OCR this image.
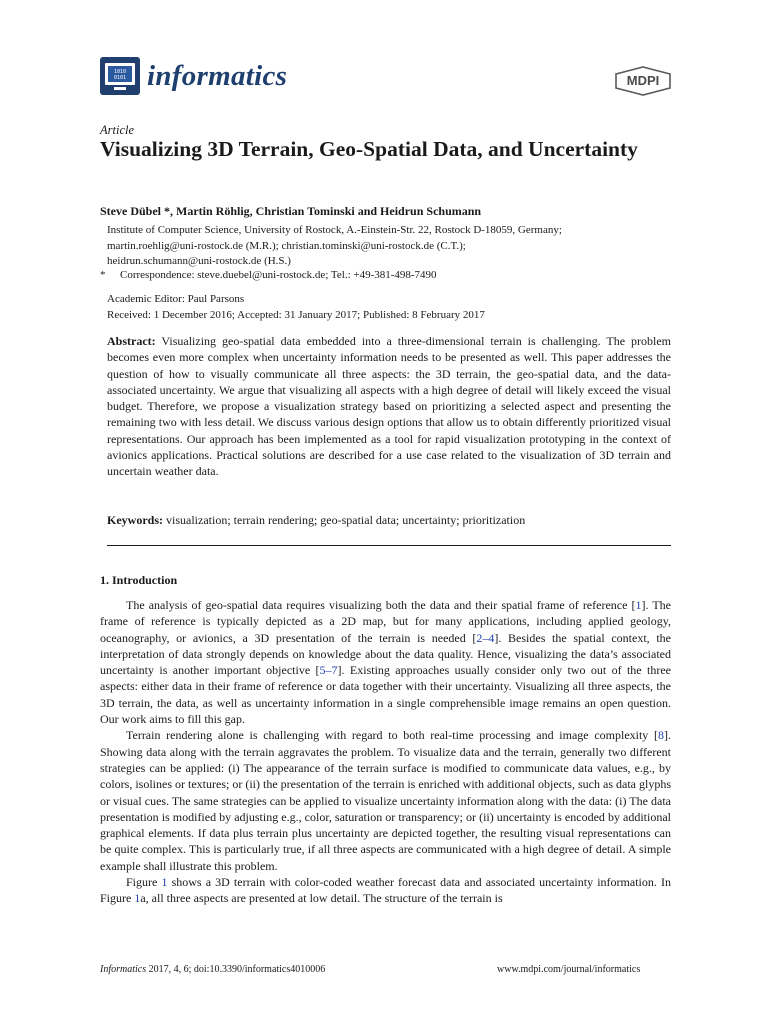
1010
0101 informatics	MDPI
Article
Visualizing 3D Terrain, Geo-Spatial Data, and Uncertainty
Steve Dübel *, Martin Röhlig, Christian Tominski and Heidrun Schumann
Institute of Computer Science, University of Rostock, A.-Einstein-Str. 22, Rostock D-18059, Germany;
martin.roehlig@uni-rostock.de (M.R.); christian.tominski@uni-rostock.de (C.T.);
heidrun.schumann@uni-rostock.de (H.S.)
* Correspondence: steve.duebel@uni-rostock.de; Tel.: +49-381-498-7490
Academic Editor: Paul Parsons
Received: 1 December 2016; Accepted: 31 January 2017; Published: 8 February 2017

Abstract: Visualizing geo-spatial data embedded into a three-dimensional terrain is challenging. The problem becomes even more complex when uncertainty information needs to be presented as well. This paper addresses the question of how to visually communicate all three aspects: the 3D terrain, the geo-spatial data, and the data-associated uncertainty. We argue that visualizing all aspects with a high degree of detail will likely exceed the visual budget. Therefore, we propose a visualization strategy based on prioritizing a selected aspect and presenting the remaining two with less detail. We discuss various design options that allow us to obtain differently prioritized visual representations. Our approach has been implemented as a tool for rapid visualization prototyping in the context of avionics applications. Practical solutions are described for a use case related to the visualization of 3D terrain and uncertain weather data.

Keywords: visualization; terrain rendering; geo-spatial data; uncertainty; prioritization

1. Introduction

The analysis of geo-spatial data requires visualizing both the data and their spatial frame of reference [1]. The frame of reference is typically depicted as a 2D map, but for many applications, including applied geology, oceanography, or avionics, a 3D presentation of the terrain is needed [2–4]. Besides the spatial context, the interpretation of data strongly depends on knowledge about the data quality. Hence, visualizing the data’s associated uncertainty is another important objective [5–7]. Existing approaches usually consider only two out of the three aspects: either data in their frame of reference or data together with their uncertainty. Visualizing all three aspects, the 3D terrain, the data, as well as uncertainty information in a single comprehensible image remains an open question. Our work aims to fill this gap.

Terrain rendering alone is challenging with regard to both real-time processing and image complexity [8]. Showing data along with the terrain aggravates the problem. To visualize data and the terrain, generally two different strategies can be applied: (i) The appearance of the terrain surface is modified to communicate data values, e.g., by colors, isolines or textures; or (ii) the presentation of the terrain is enriched with additional objects, such as data glyphs or visual cues. The same strategies can be applied to visualize uncertainty information along with the data: (i) The data presentation is modified by adjusting e.g., color, saturation or transparency; or (ii) uncertainty is encoded by additional graphical elements. If data plus terrain plus uncertainty are depicted together, the resulting visual representations can be quite complex. This is particularly true, if all three aspects are communicated with a high degree of detail. A simple example shall illustrate this problem.

Figure 1 shows a 3D terrain with color-coded weather forecast data and associated uncertainty information. In Figure 1a, all three aspects are presented at low detail. The structure of the terrain is

Informatics 2017, 4, 6; doi:10.3390/informatics4010006	www.mdpi.com/journal/informatics
